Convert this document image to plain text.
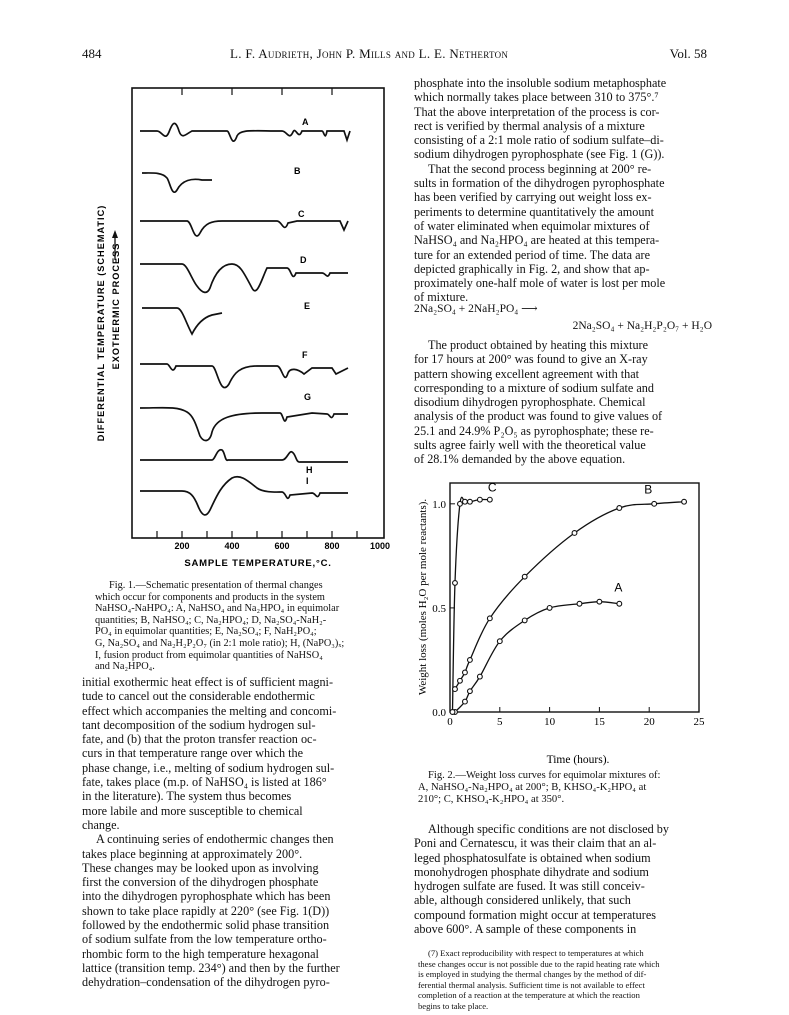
484	L. F. Audrieth, John P. Mills and L. E. Netherton	Vol. 58
A
B
C
D
E
F
G
H
I
200	400	600	800	1000
SAMPLE TEMPERATURE,°C.
DIFFERENTIAL TEMPERATURE (SCHEMATIC) EXOTHERMIC PROCESS
Fig. 1.—Schematic presentation of thermal changes
which occur for components and products in the system
NaHSO₄-NaHPO₄: A, NaHSO₄ and Na₂HPO₄ in equimolar
quantities; B, NaHSO₄; C, Na₂HPO₄; D, Na₂SO₄-NaH₂-
PO₄ in equimolar quantities; E, Na₂SO₄; F, NaH₂PO₄;
G, Na₂SO₄ and Na₂H₂P₂O₇ (in 2:1 mole ratio); H, (NaPO₃)ₓ;
I, fusion product from equimolar quantities of NaHSO₄
and Na₂HPO₄.
initial exothermic heat effect is of sufficient magni-
tude to cancel out the considerable endothermic
effect which accompanies the melting and concomi-
tant decomposition of the sodium hydrogen sul-
fate, and (b) that the proton transfer reaction oc-
curs in that temperature range over which the
phase change, i.e., melting of sodium hydrogen sul-
fate, takes place (m.p. of NaHSO₄ is listed at 186°
in the literature). The system thus becomes
more labile and more susceptible to chemical
change.
A continuing series of endothermic changes then
takes place beginning at approximately 200°.
These changes may be looked upon as involving
first the conversion of the dihydrogen phosphate
into the dihydrogen pyrophosphate which has been
shown to take place rapidly at 220° (see Fig. 1(D))
followed by the endothermic solid phase transition
of sodium sulfate from the low temperature ortho-
rhombic form to the high temperature hexagonal
lattice (transition temp. 234°) and then by the further
dehydration–condensation of the dihydrogen pyro-
phosphate into the insoluble sodium metaphosphate
which normally takes place between 310 to 375°.⁷
That the above interpretation of the process is cor-
rect is verified by thermal analysis of a mixture
consisting of a 2:1 mole ratio of sodium sulfate–di-
sodium dihydrogen pyrophosphate (see Fig. 1 (G)).
That the second process beginning at 200° re-
sults in formation of the dihydrogen pyrophosphate
has been verified by carrying out weight loss ex-
periments to determine quantitatively the amount
of water eliminated when equimolar mixtures of
NaHSO₄ and Na₂HPO₄ are heated at this tempera-
ture for an extended period of time. The data are
depicted graphically in Fig. 2, and show that ap-
proximately one-half mole of water is lost per mole
of mixture.
2Na₂SO₄ + 2NaH₂PO₄ ⟶
2Na₂SO₄ + Na₂H₂P₂O₇ + H₂O
The product obtained by heating this mixture
for 17 hours at 200° was found to give an X-ray
pattern showing excellent agreement with that
corresponding to a mixture of sodium sulfate and
disodium dihydrogen pyrophosphate. Chemical
analysis of the product was found to give values of
25.1 and 24.9% P₂O₅ as pyrophosphate; these re-
sults agree fairly well with the theoretical value
of 28.1% demanded by the above equation.
0	5	10	15	20	25
0.0
0.5
1.0
A
B
C
Time (hours).
Weight loss (moles H₂O per mole reactants).
Fig. 2.—Weight loss curves for equimolar mixtures of:
A, NaHSO₄-Na₂HPO₄ at 200°; B, KHSO₄-K₂HPO₄ at
210°; C, KHSO₄-K₂HPO₄ at 350°.
Although specific conditions are not disclosed by
Poni and Cernatescu, it was their claim that an al-
leged phosphatosulfate is obtained when sodium
monohydrogen phosphate dihydrate and sodium
hydrogen sulfate are fused. It was still conceiv-
able, although considered unlikely, that such
compound formation might occur at temperatures
above 600°. A sample of these components in
(7) Exact reproducibility with respect to temperatures at which
these changes occur is not possible due to the rapid heating rate which
is employed in studying the thermal changes by the method of dif-
ferential thermal analysis. Sufficient time is not available to effect
completion of a reaction at the temperature at which the reaction
begins to take place.
